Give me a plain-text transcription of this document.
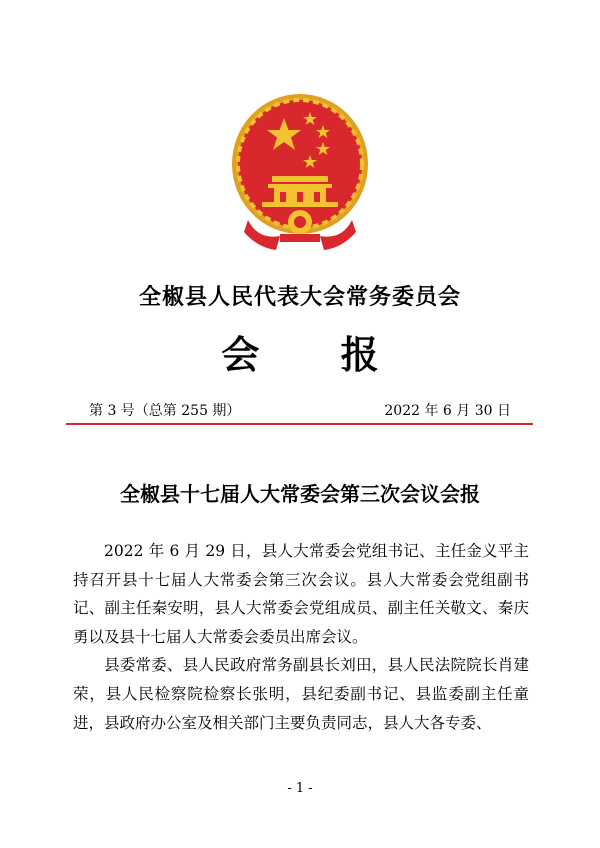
全椒县人民代表大会常务委员会
会 报
第 3 号（总第 255 期）	2022 年 6 月 30 日
全椒县十七届人大常委会第三次会议会报

2022 年 6 月 29 日，县人大常委会党组书记、主任金义平主持召开县十七届人大常委会第三次会议。县人大常委会党组副书记、副主任秦安明，县人大常委会党组成员、副主任关敬文、秦庆勇以及县十七届人大常委会委员出席会议。

县委常委、县人民政府常务副县长刘田，县人民法院院长肖建荣，县人民检察院检察长张明，县纪委副书记、县监委副主任童进，县政府办公室及相关部门主要负责同志，县人大各专委、

- 1 -
